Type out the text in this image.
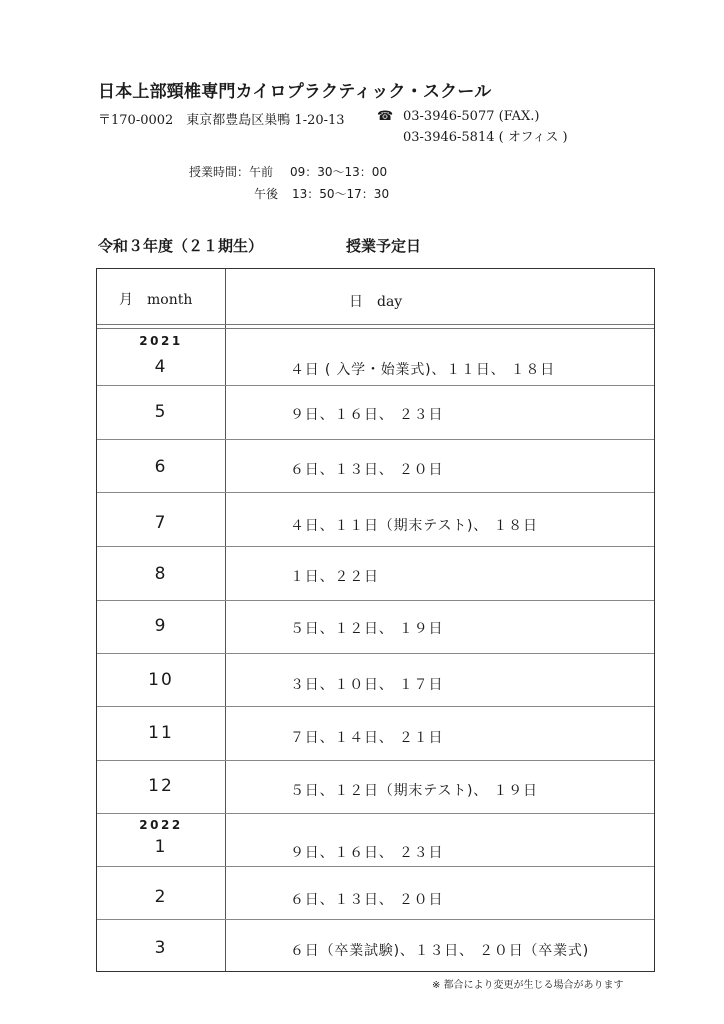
日本上部頸椎専門カイロプラクティック・スクール
〒170-0002　東京都豊島区巣鴨 1-20-13 ☎ 03-3946-5077 (FAX.)
03-3946-5814 ( オフィス )
授業時間：午前 09：30〜13：00
午後 13：50〜17：30
令和３年度（２１期生）	授業予定日
月　month	日　day
2021
4	４日 ( 入学・始業式)、１１日、 １８日
5	９日、１６日、 ２３日
6	６日、１３日、 ２０日
7	４日、１１日（期末テスト)、 １８日
8	１日、２２日
9	５日、１２日、 １９日
10	３日、１０日、 １７日
11	７日、１４日、 ２１日
12	５日、１２日（期末テスト)、 １９日
2022
1	９日、１６日、 ２３日
2	６日、１３日、 ２０日
3	６日（卒業試験)、１３日、 ２０日（卒業式)
※ 都合により変更が生じる場合があります
